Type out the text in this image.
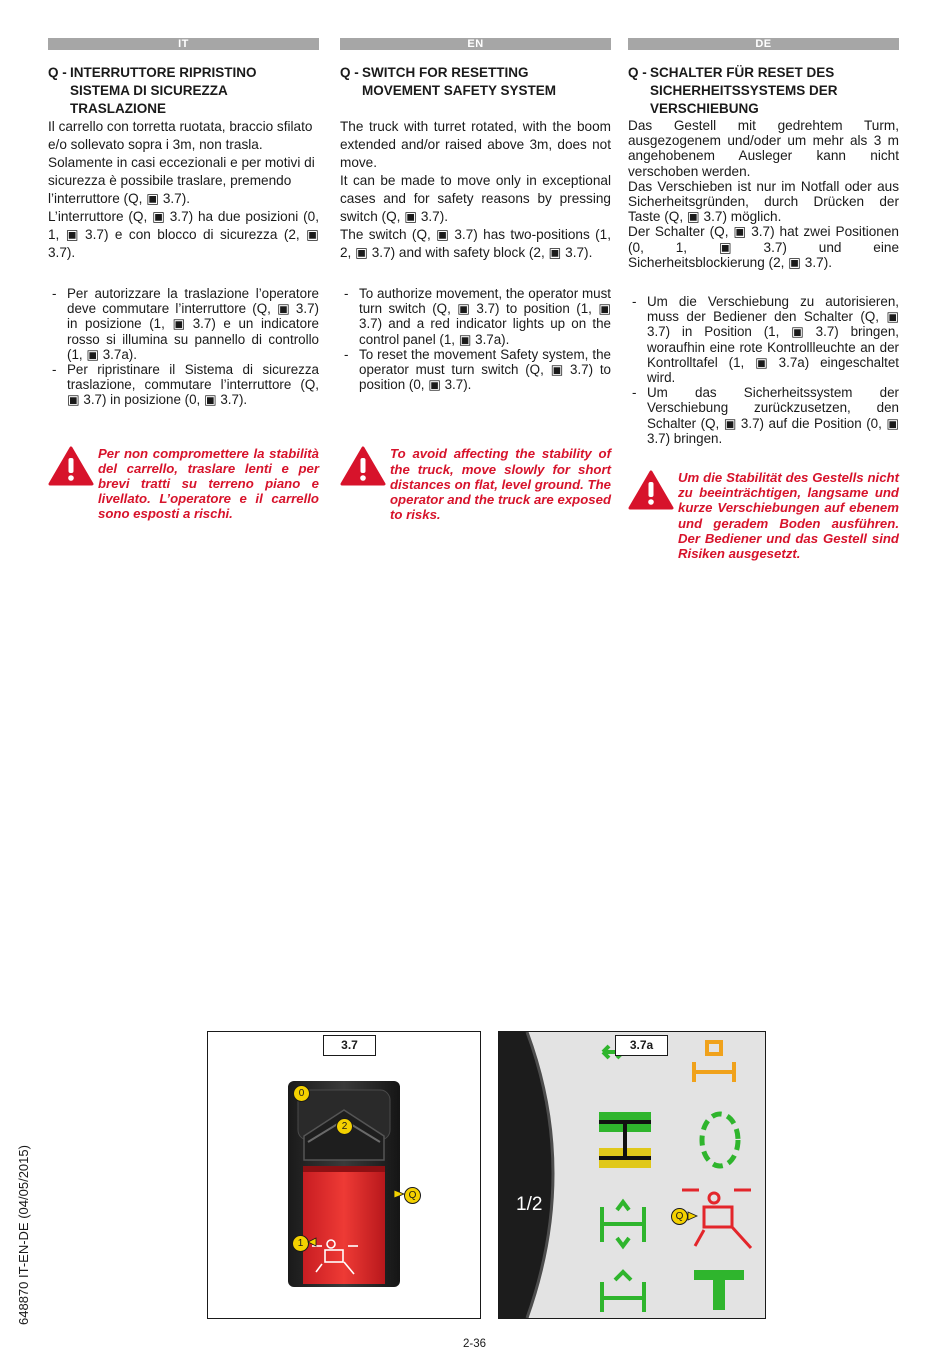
IT
Q - INTERRUTTORE RIPRISTINO
SISTEMA DI SICUREZZA
TRASLAZIONE

Il carrello con torretta ruotata, braccio sfilato e/o sollevato sopra i 3m, non trasla.

Solamente in casi eccezionali e per motivi di sicurezza è possibile traslare, premendo l’interruttore (Q, ▣ 3.7).

L’interruttore (Q, ▣ 3.7) ha due posizioni (0, 1, ▣ 3.7) e con blocco di sicurezza (2, ▣ 3.7).

- Per autorizzare la traslazione l’operatore deve commutare l’interruttore (Q, ▣ 3.7) in posizione (1, ▣ 3.7) e un indicatore rosso si illumina su pannello di controllo (1, ▣ 3.7a).
- Per ripristinare il Sistema di sicurezza traslazione, commutare l’interruttore (Q, ▣ 3.7) in posizione (0, ▣ 3.7).
Per non compromettere la stabilità del carrello, traslare lenti e per brevi tratti su terreno piano e livellato. L’operatore e il carrello sono esposti a rischi.
EN
Q - SWITCH FOR RESETTING
MOVEMENT SAFETY SYSTEM

The truck with turret rotated, with the boom extended and/or raised above 3m, does not move.

It can be made to move only in exceptional cases and for safety reasons by pressing switch (Q, ▣ 3.7).

The switch (Q, ▣ 3.7) has two-positions (1, 2, ▣ 3.7) and with safety block (2, ▣ 3.7).

- To authorize movement, the operator must turn switch (Q, ▣ 3.7) to position (1, ▣ 3.7) and a red indicator lights up on the control panel (1, ▣ 3.7a).
- To reset the movement Safety system, the operator must turn switch (Q, ▣ 3.7) to position (0, ▣ 3.7).
To avoid affecting the stability of the truck, move slowly for short distances on flat, level ground. The operator and the truck are exposed to risks.
DE
Q - SCHALTER FÜR RESET DES
SICHERHEITSSYSTEMS DER
VERSCHIEBUNG

Das Gestell mit gedrehtem Turm, ausgezogenem und/oder um mehr als 3 m angehobenem Ausleger kann nicht verschoben werden.

Das Verschieben ist nur im Notfall oder aus Sicherheitsgründen, durch Drücken der Taste (Q, ▣ 3.7) möglich.

Der Schalter (Q, ▣ 3.7) hat zwei Positionen (0, 1, ▣ 3.7) und eine Sicherheitsblockierung (2, ▣ 3.7).

- Um die Verschiebung zu autorisieren, muss der Bediener den Schalter (Q, ▣ 3.7) in Position (1, ▣ 3.7) bringen, woraufhin eine rote Kontrollleuchte an der Kontrolltafel (1, ▣ 3.7a) eingeschaltet wird.
- Um das Sicherheitssystem der Verschiebung zurückzusetzen, den Schalter (Q, ▣ 3.7) auf die Position (0, ▣ 3.7) bringen.
Um die Stabilität des Gestells nicht zu beeinträchtigen, langsame und kurze Verschiebungen auf ebenem und geradem Boden ausführen. Der Bediener und das Gestell sind Risiken ausgesetzt.
3.7
0
2
Q
1
3.7a
1/2
Q
648870 IT-EN-DE (04/05/2015)
2-36
